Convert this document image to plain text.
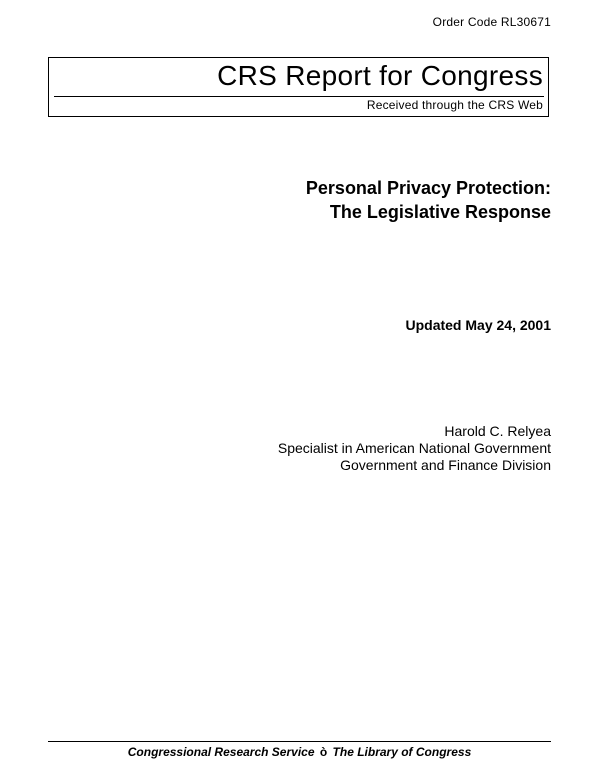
Order Code RL30671
CRS Report for Congress
Received through the CRS Web
Personal Privacy Protection:
The Legislative Response
Updated May 24, 2001
Harold C. Relyea
Specialist in American National Government
Government and Finance Division
Congressional Research Service ò The Library of Congress
